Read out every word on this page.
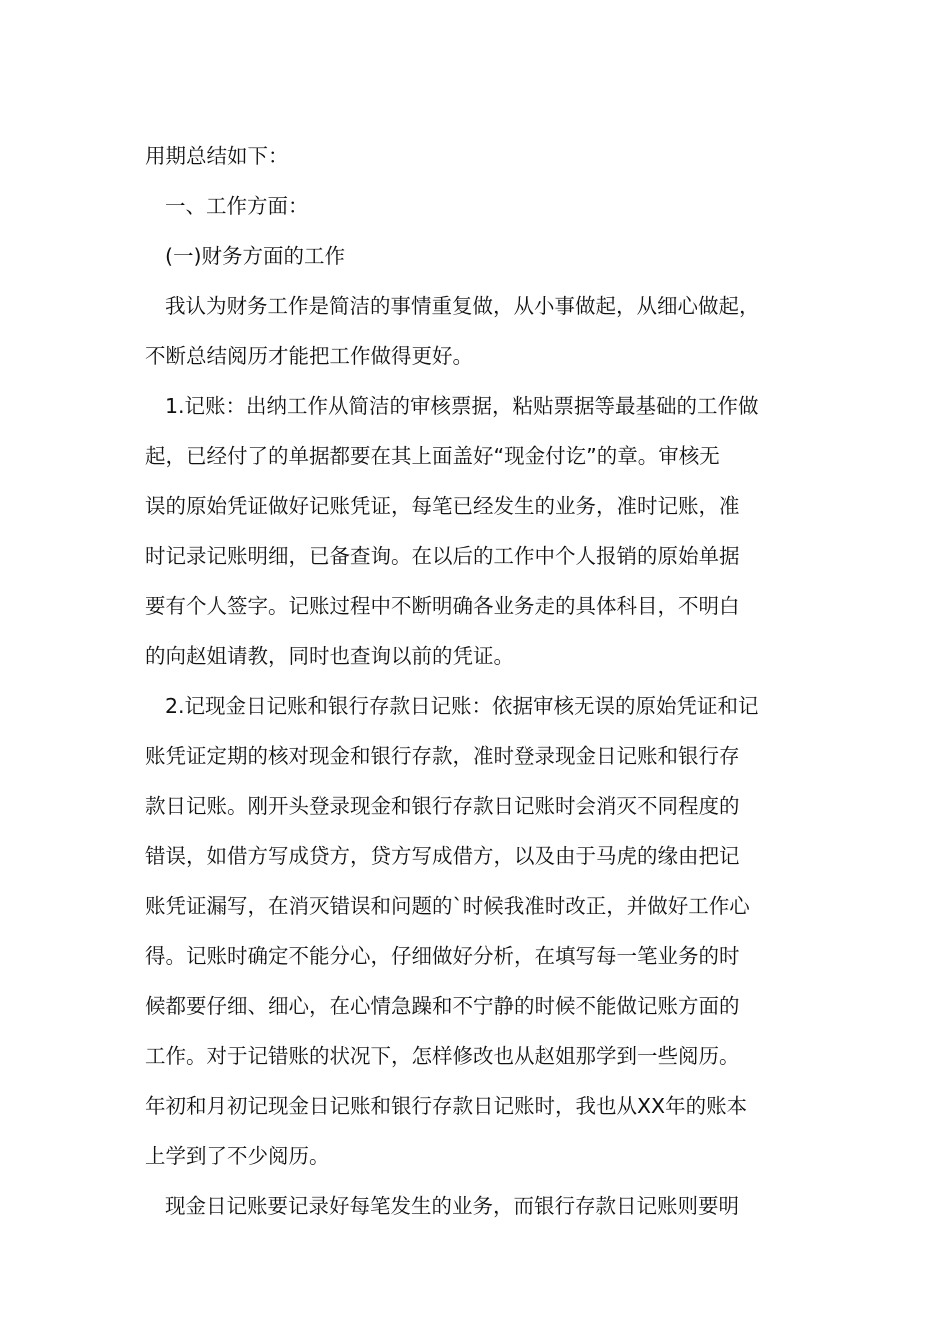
用期总结如下：
一、工作方面：
(一)财务方面的工作
我认为财务工作是简洁的事情重复做，从小事做起，从细心做起，
不断总结阅历才能把工作做得更好。
1.记账：出纳工作从简洁的审核票据，粘贴票据等最基础的工作做
起，已经付了的单据都要在其上面盖好“现金付讫”的章。审核无
误的原始凭证做好记账凭证，每笔已经发生的业务，准时记账，准
时记录记账明细，已备查询。在以后的工作中个人报销的原始单据
要有个人签字。记账过程中不断明确各业务走的具体科目，不明白
的向赵姐请教，同时也查询以前的凭证。
2.记现金日记账和银行存款日记账：依据审核无误的原始凭证和记
账凭证定期的核对现金和银行存款，准时登录现金日记账和银行存
款日记账。刚开头登录现金和银行存款日记账时会消灭不同程度的
错误，如借方写成贷方，贷方写成借方，以及由于马虎的缘由把记
账凭证漏写，在消灭错误和问题的`时候我准时改正，并做好工作心
得。记账时确定不能分心，仔细做好分析，在填写每一笔业务的时
候都要仔细、细心，在心情急躁和不宁静的时候不能做记账方面的
工作。对于记错账的状况下，怎样修改也从赵姐那学到一些阅历。
年初和月初记现金日记账和银行存款日记账时，我也从XX年的账本
上学到了不少阅历。
现金日记账要记录好每笔发生的业务，而银行存款日记账则要明
